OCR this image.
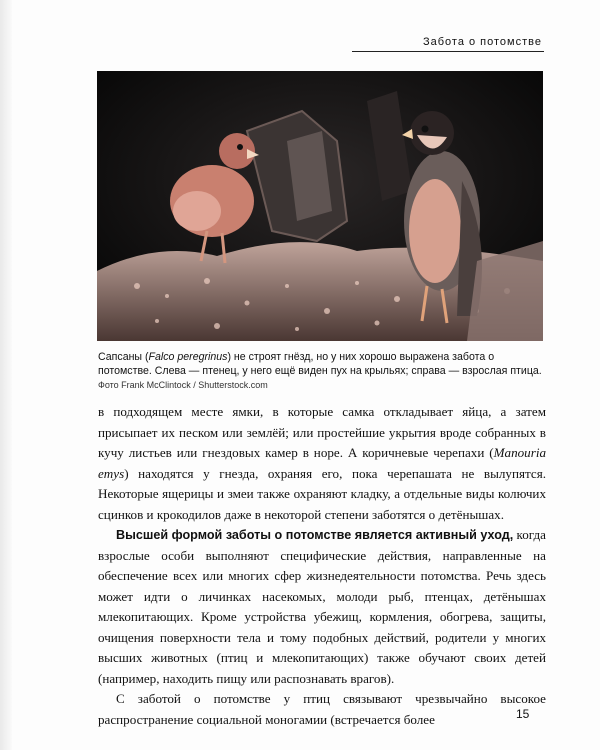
Забота о потомстве
Сапсаны (Falco peregrinus) не строят гнёзд, но у них хорошо выражена забота о потомстве. Слева — птенец, у него ещё виден пух на крыльях; справа — взрослая птица. Фото Frank McClintock / Shutterstock.com

в подходящем месте ямки, в которые самка откладывает яйца, а затем присыпает их песком или землёй; или простейшие укрытия вроде собранных в кучу листьев или гнездовых камер в норе. А коричневые черепахи (Manouria emys) находятся у гнезда, охраняя его, пока черепашата не вылупятся. Некоторые ящерицы и змеи также охраняют кладку, а отдельные виды колючих сцинков и крокодилов даже в некоторой степени заботятся о детёнышах.

Высшей формой заботы о потомстве является активный уход, когда взрослые особи выполняют специфические действия, направленные на обеспечение всех или многих сфер жизнедеятельности потомства. Речь здесь может идти о личинках насекомых, молоди рыб, птенцах, детёнышах млекопитающих. Кроме устройства убежищ, кормления, обогрева, защиты, очищения поверхности тела и тому подобных действий, родители у многих высших животных (птиц и млекопитающих) также обучают своих детей (например, находить пищу или распознавать врагов).

С заботой о потомстве у птиц связывают чрезвычайно высокое распространение социальной моногамии (встречается более	15
